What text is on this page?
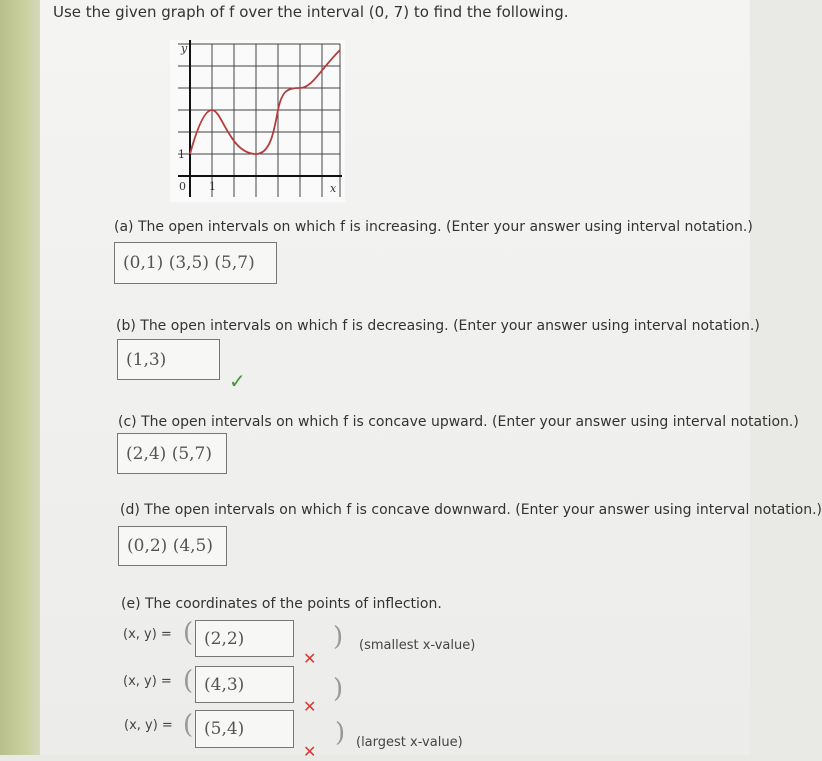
Use the given graph of f over the interval (0, 7) to find the following.
y
x
1
0 1
(a) The open intervals on which f is increasing. (Enter your answer using interval notation.)
(0,1) (3,5) (5,7)
(b) The open intervals on which f is decreasing. (Enter your answer using interval notation.)
(1,3)
✓
(c) The open intervals on which f is concave upward. (Enter your answer using interval notation.)
(2,4) (5,7)
(d) The open intervals on which f is concave downward. (Enter your answer using interval notation.)
(0,2) (4,5)
(e) The coordinates of the points of inflection.
(x, y) = ( (2,2)
✕
) (smallest x-value)
(x, y) = ( (4,3)
✕
)
(x, y) = ( (5,4)
✕
) (largest x-value)
